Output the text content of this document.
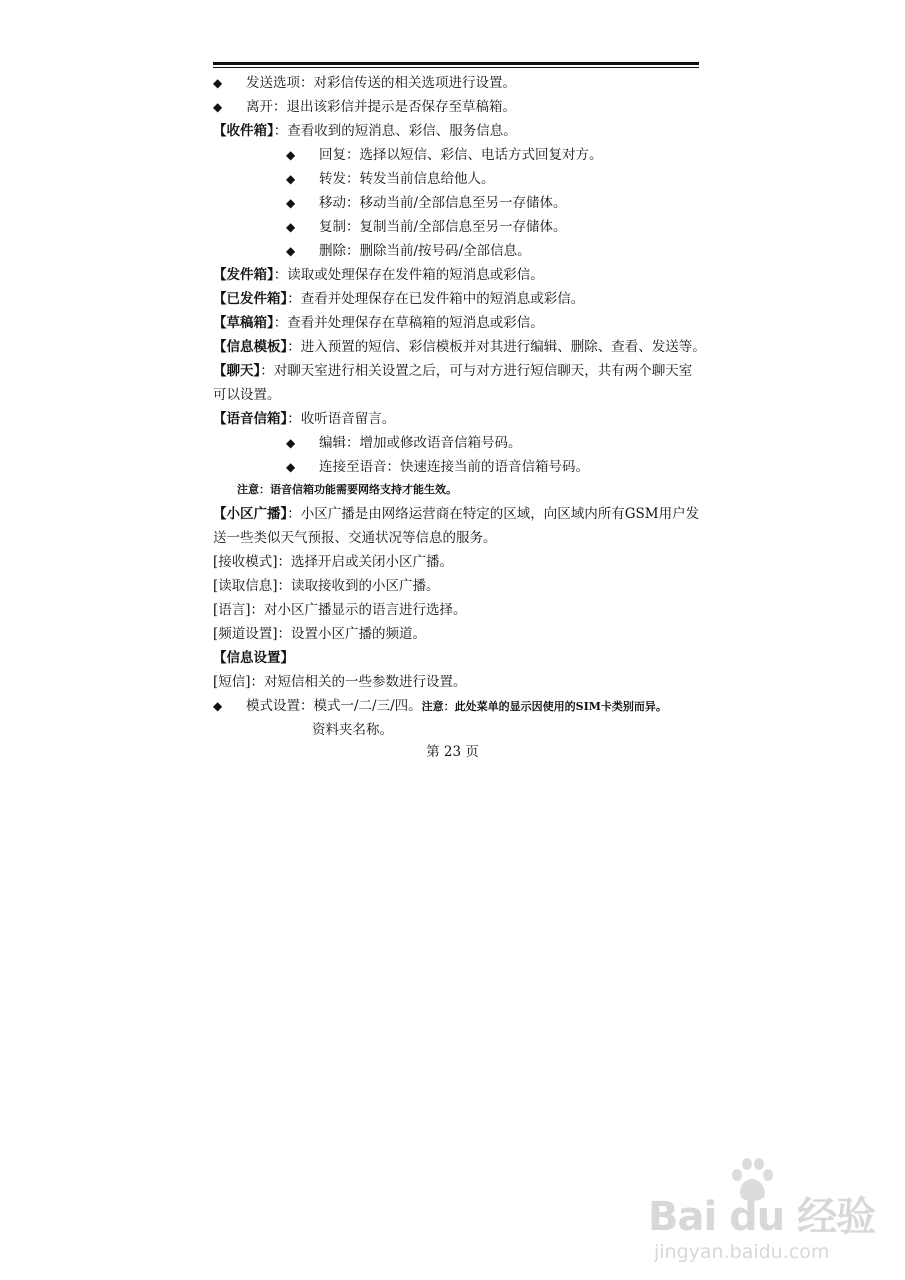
◆ 发送选项：对彩信传送的相关选项进行设置。
◆ 离开：退出该彩信并提示是否保存至草稿箱。
【收件箱】：查看收到的短消息、彩信、服务信息。
◆ 回复：选择以短信、彩信、电话方式回复对方。
◆ 转发：转发当前信息给他人。
◆ 移动：移动当前/全部信息至另一存储体。
◆ 复制：复制当前/全部信息至另一存储体。
◆ 删除：删除当前/按号码/全部信息。
【发件箱】：读取或处理保存在发件箱的短消息或彩信。
【已发件箱】：查看并处理保存在已发件箱中的短消息或彩信。
【草稿箱】：查看并处理保存在草稿箱的短消息或彩信。
【信息模板】：进入预置的短信、彩信模板并对其进行编辑、删除、查看、发送等。
【聊天】：对聊天室进行相关设置之后，可与对方进行短信聊天，共有两个聊天室可以设置。
【语音信箱】：收听语音留言。
◆ 编辑：增加或修改语音信箱号码。
◆ 连接至语音：快速连接当前的语音信箱号码。
注意：语音信箱功能需要网络支持才能生效。
【小区广播】：小区广播是由网络运营商在特定的区域，向区域内所有GSM用户发送一些类似天气预报、交通状况等信息的服务。
[接收模式]：选择开启或关闭小区广播。
[读取信息]：读取接收到的小区广播。
[语言]：对小区广播显示的语言进行选择。
[频道设置]：设置小区广播的频道。
【信息设置】
[短信]：对短信相关的一些参数进行设置。
◆ 模式设置：模式一/二/三/四。注意：此处菜单的显示因使用的SIM卡类别而异。
资料夹名称。
第 23 页
Bai du 经验
jingyan.baidu.com
